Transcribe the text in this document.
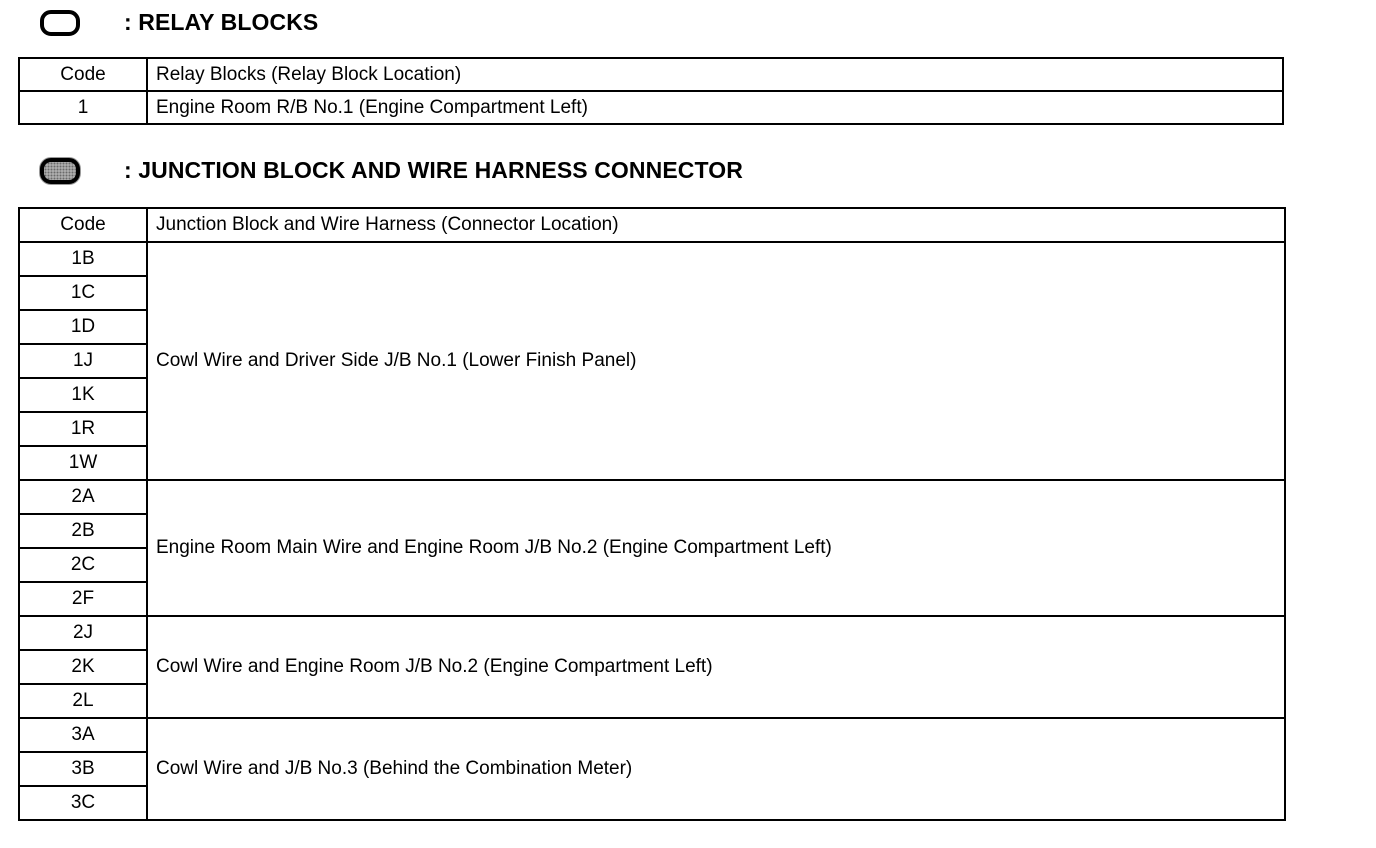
: RELAY BLOCKS
Code	Relay Blocks (Relay Block Location)
1	Engine Room R/B No.1 (Engine Compartment Left)
: JUNCTION BLOCK AND WIRE HARNESS CONNECTOR
Code	Junction Block and Wire Harness (Connector Location)
1B	Cowl Wire and Driver Side J/B No.1 (Lower Finish Panel)
1C	
1D	
1J	
1K	
1R	
1W	
2A	Engine Room Main Wire and Engine Room J/B No.2 (Engine Compartment Left)
2B	
2C	
2F	
2J	Cowl Wire and Engine Room J/B No.2 (Engine Compartment Left)
2K	
2L	
3A	Cowl Wire and J/B No.3 (Behind the Combination Meter)
3B	
3C	
